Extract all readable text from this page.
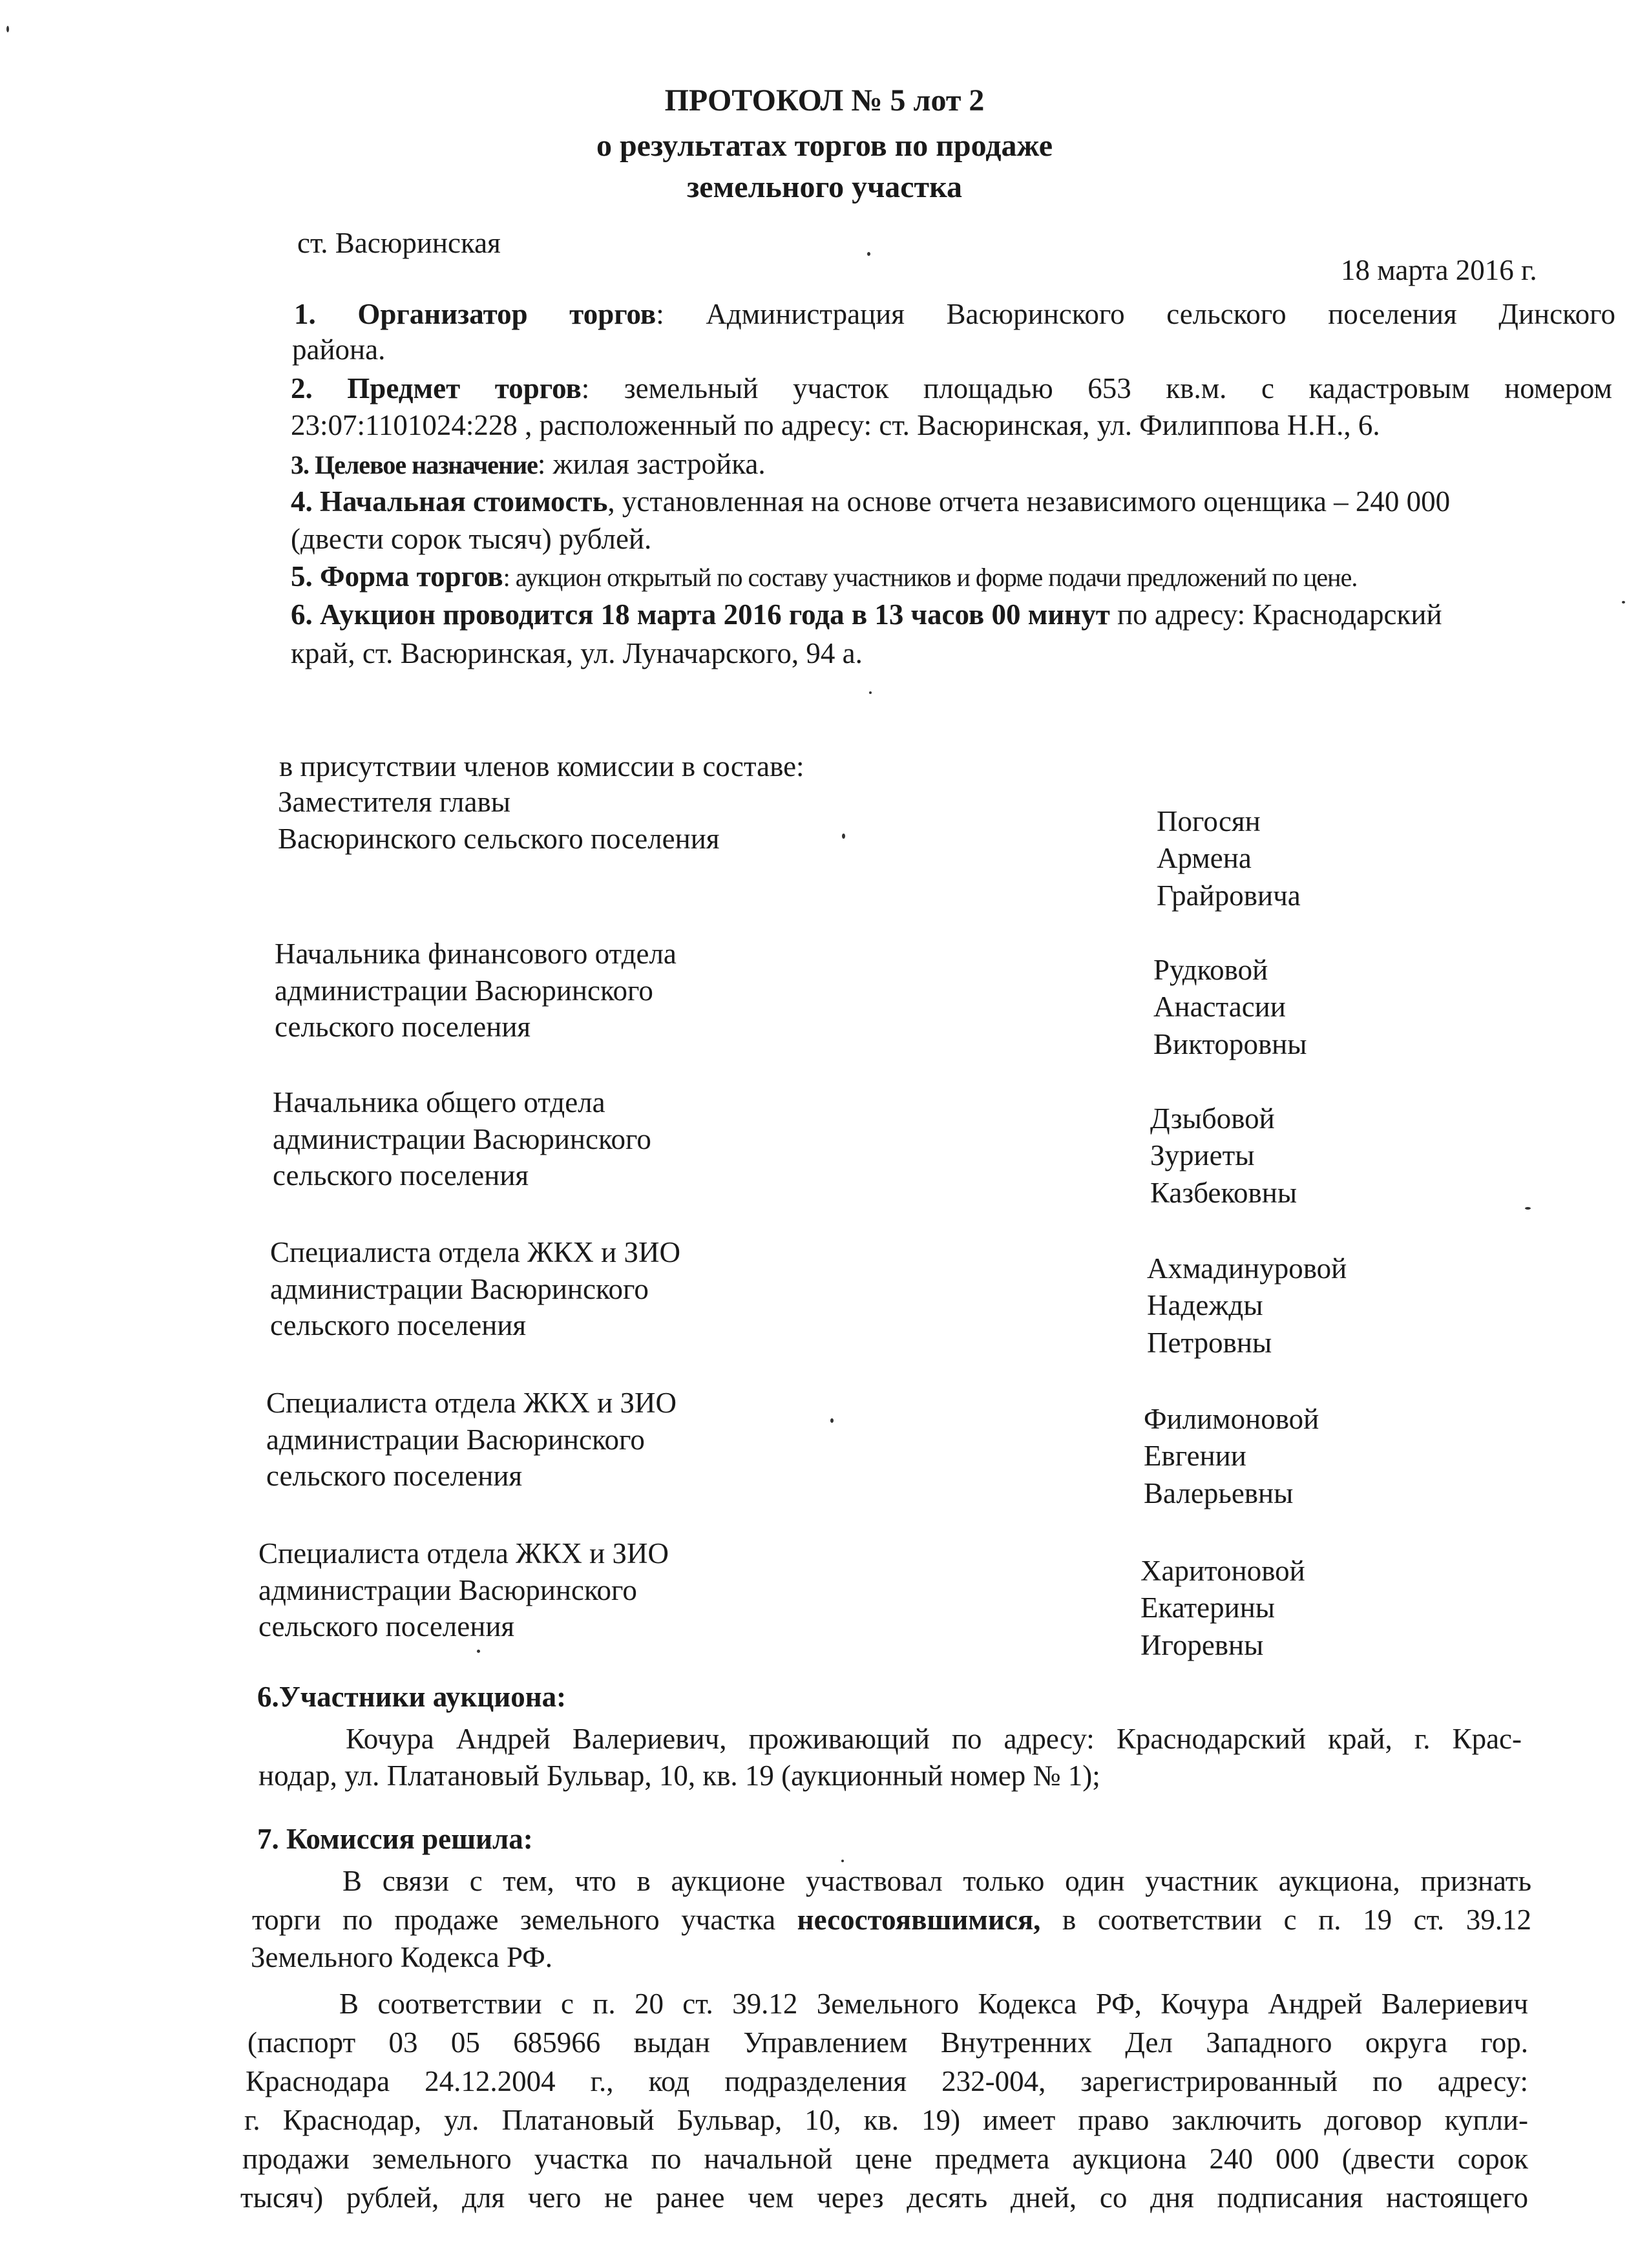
ПРОТОКОЛ № 5 лот 2
о результатах торгов по продаже
земельного участка
ст. Васюринская
18 марта 2016 г.
1. Организатор торгов: Администрация Васюринского сельского поселения Динского
района.
2. Предмет торгов: земельный участок площадью 653 кв.м. с кадастровым номером
23:07:1101024:228 , расположенный по адресу: ст. Васюринская, ул. Филиппова Н.Н., 6.
3. Целевое назначение: жилая застройка.
4. Начальная стоимость, установленная на основе отчета независимого оценщика – 240 000
(двести сорок тысяч) рублей.
5. Форма торгов: аукцион открытый по составу участников и форме подачи предложений по цене.
6. Аукцион проводится 18 марта 2016 года в 13 часов 00 минут по адресу: Краснодарский
край, ст. Васюринская, ул. Луначарского, 94 а.
в присутствии членов комиссии в составе:
Заместителя главы
Васюринского сельского поселения
Погосян
Армена
Грайровича
Начальника финансового отдела
администрации Васюринского
сельского поселения
Рудковой
Анастасии
Викторовны
Начальника общего отдела
администрации Васюринского
сельского поселения
Дзыбовой
Зуриеты
Казбековны
Специалиста отдела ЖКХ и ЗИО
администрации Васюринского
сельского поселения
Ахмадинуровой
Надежды
Петровны
Специалиста отдела ЖКХ и ЗИО
администрации Васюринского
сельского поселения
Филимоновой
Евгении
Валерьевны
Специалиста отдела ЖКХ и ЗИО
администрации Васюринского
сельского поселения
Харитоновой
Екатерины
Игоревны
6.Участники аукциона:
Кочура Андрей Валериевич, проживающий по адресу: Краснодарский край, г. Крас-
нодар, ул. Платановый Бульвар, 10, кв. 19 (аукционный номер № 1);
7. Комиссия решила:
В связи с тем, что в аукционе участвовал только один участник аукциона, признать
торги по продаже земельного участка несостоявшимися, в соответствии с п. 19 ст. 39.12
Земельного Кодекса РФ.
В соответствии с п. 20 ст. 39.12 Земельного Кодекса РФ, Кочура Андрей Валериевич
(паспорт 03 05 685966 выдан Управлением Внутренних Дел Западного округа гор.
Краснодара 24.12.2004 г., код подразделения 232-004, зарегистрированный по адресу:
г. Краснодар, ул. Платановый Бульвар, 10, кв. 19) имеет право заключить договор купли-
продажи земельного участка по начальной цене предмета аукциона 240 000 (двести сорок
тысяч) рублей, для чего не ранее чем через десять дней, со дня подписания настоящего
